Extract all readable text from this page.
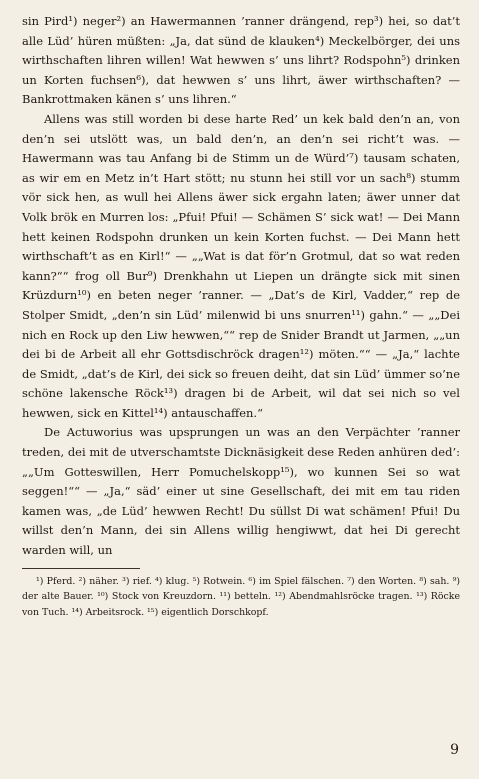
sin Pird¹) neger²) an Hawermannen ’ranner drängend, rep³) hei, so dat’t alle Lüd’ hüren müßten: „Ja, dat sünd de klauken⁴) Meckelbörger, dei uns wirthschaften lihren willen! Wat hewwen s’ uns lihrt? Rodspohn⁵) drinken un Korten fuchsen⁶), dat hewwen s’ uns lihrt, äwer wirthschaften? — Bankrottmaken känen s’ uns lihren.“

Allens was still worden bi dese harte Red’ un kek bald den’n an, von den’n sei utslött was, un bald den’n, an den’n sei richt’t was. — Hawermann was tau Anfang bi de Stimm un de Würd’⁷) tausam schaten, as wir em en Metz in’t Hart stött; nu stunn hei still vor un sach⁸) stumm vör sick hen, as wull hei Allens äwer sick ergahn laten; äwer unner dat Volk brök en Murren los: „Pfui! Pfui! — Schämen S’ sick wat! — Dei Mann hett keinen Rodspohn drunken un kein Korten fuchst. — Dei Mann hett wirthschaft’t as en Kirl!“ — „„Wat is dat för’n Grotmul, dat so wat reden kann?““ frog oll Bur⁹) Drenkhahn ut Liepen un drängte sick mit sinen Krüzdurn¹⁰) en beten neger ’ranner. — „Dat’s de Kirl, Vadder,“ rep de Stolper Smidt, „den’n sin Lüd’ milenwid bi uns snurren¹¹) gahn.“ — „„Dei nich en Rock up den Liw hewwen,““ rep de Snider Brandt ut Jarmen, „„un dei bi de Arbeit all ehr Gottsdischröck dragen¹²) möten.““ — „Ja,“ lachte de Smidt, „dat’s de Kirl, dei sick so freuen deiht, dat sin Lüd’ ümmer so’ne schöne lakensche Röck¹³) dragen bi de Arbeit, wil dat sei nich so vel hewwen, sick en Kittel¹⁴) antauschaffen.“

De Actuworius was upsprungen un was an den Verpächter ’ranner treden, dei mit de utverschamtste Dicknäsigkeit dese Reden anhüren ded’: „„Um Gotteswillen, Herr Pomuchelskopp¹⁵), wo kunnen Sei so wat seggen!““ — „Ja,“ säd’ einer ut sine Gesellschaft, dei mit em tau riden kamen was, „de Lüd’ hewwen Recht! Du süllst Di wat schämen! Pfui! Du willst den’n Mann, dei sin Allens willig hengiwwt, dat hei Di gerecht warden will, un

¹) Pferd. ²) näher. ³) rief. ⁴) klug. ⁵) Rotwein. ⁶) im Spiel fälschen. ⁷) den Worten. ⁸) sah. ⁹) der alte Bauer. ¹⁰) Stock von Kreuzdorn. ¹¹) betteln. ¹²) Abendmahlsröcke tragen. ¹³) Röcke von Tuch. ¹⁴) Arbeitsrock. ¹⁵) eigentlich Dorschkopf.

9
